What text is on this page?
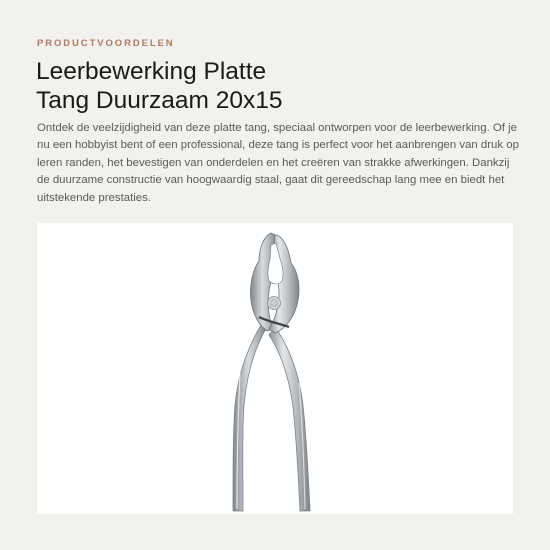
PRODUCTVOORDELEN
Leerbewerking Platte
Tang Duurzaam 20x15

Ontdek de veelzijdigheid van deze platte tang, speciaal ontworpen voor de leerbewerking. Of je nu een hobbyist bent of een professional, deze tang is perfect voor het aanbrengen van druk op leren randen, het bevestigen van onderdelen en het creëren van strakke afwerkingen. Dankzij de duurzame constructie van hoogwaardig staal, gaat dit gereedschap lang mee en biedt het uitstekende prestaties.
